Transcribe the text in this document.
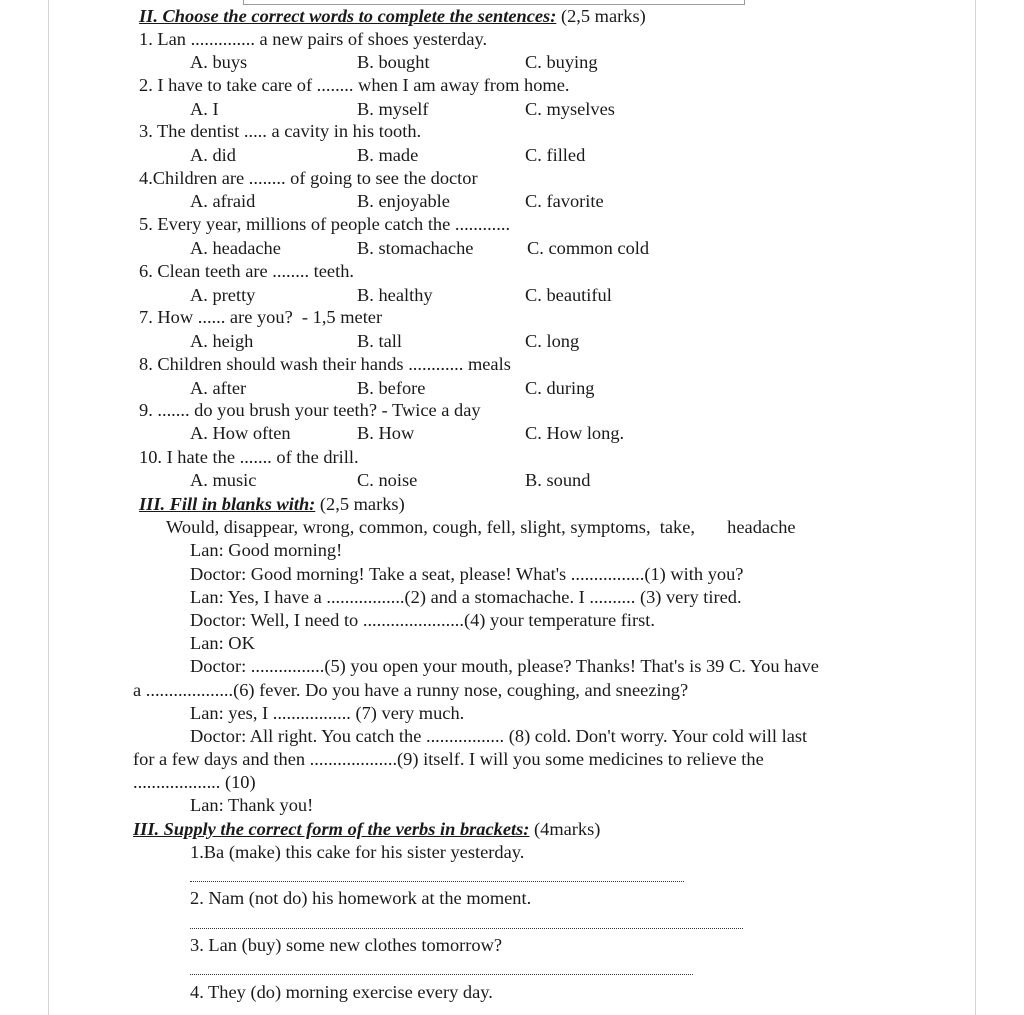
II. Choose the correct words to complete the sentences: (2,5 marks)
1. Lan .............. a new pairs of shoes yesterday.
A. buys	B. bought	C. buying
2. I have to take care of ........ when I am away from home.
A. I	B. myself	C. myselves
3. The dentist ..... a cavity in his tooth.
A. did	B. made	C. filled
4.Children are ........ of going to see the doctor
A. afraid	B. enjoyable	C. favorite
5. Every year, millions of people catch the ............
A. headache	B. stomachache	C. common cold
6. Clean teeth are ........ teeth.
A. pretty	B. healthy	C. beautiful
7. How ...... are you?  - 1,5 meter
A. heigh	B. tall	C. long
8. Children should wash their hands ............ meals
A. after	B. before	C. during
9. ....... do you brush your teeth? - Twice a day
A. How often	B. How	C. How long.
10. I hate the ....... of the drill.
A. music	C. noise	B. sound
III. Fill in blanks with: (2,5 marks)
Would, disappear, wrong, common, cough, fell, slight, symptoms,  take,       headache
Lan: Good morning!
Doctor: Good morning! Take a seat, please! What's ................(1) with you?
Lan: Yes, I have a .................(2) and a stomachache. I .......... (3) very tired.
Doctor: Well, I need to ......................(4) your temperature first.
Lan: OK
Doctor: ................(5) you open your mouth, please? Thanks! That's is 39 C. You have
a ...................(6) fever. Do you have a runny nose, coughing, and sneezing?
Lan: yes, I ................. (7) very much.
Doctor: All right. You catch the ................. (8) cold. Don't worry. Your cold will last
for a few days and then ...................(9) itself. I will you some medicines to relieve the
................... (10)
Lan: Thank you!
III. Supply the correct form of the verbs in brackets: (4marks)
1.Ba (make) this cake for his sister yesterday.
2. Nam (not do) his homework at the moment.
3. Lan (buy) some new clothes tomorrow?
4. They (do) morning exercise every day.
